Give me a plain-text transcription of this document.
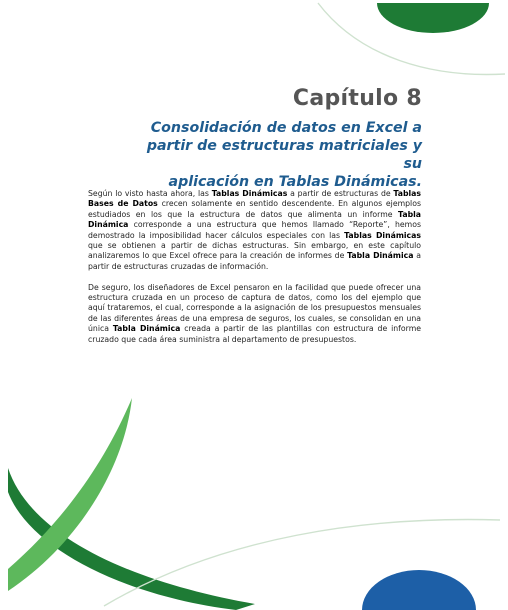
Capítulo 8
Consolidación de datos en Excel a
partir de estructuras matriciales y su
aplicación en Tablas Dinámicas.

Según lo visto hasta ahora, las Tablas Dinámicas a partir de estructuras de Tablas Bases de Datos crecen solamente en sentido descendente. En algunos ejemplos estudiados en los que la estructura de datos que alimenta un informe Tabla Dinámica corresponde a una estructura que hemos llamado “Reporte”, hemos demostrado la imposibilidad hacer cálculos especiales con las Tablas Dinámicas que se obtienen a partir de dichas estructuras. Sin embargo, en este capítulo analizaremos lo que Excel ofrece para la creación de informes de Tabla Dinámica a partir de estructuras cruzadas de información.

De seguro, los diseñadores de Excel pensaron en la facilidad que puede ofrecer una estructura cruzada en un proceso de captura de datos, como los del ejemplo que aquí trataremos, el cual, corresponde a la asignación de los presupuestos mensuales de las diferentes áreas de una empresa de seguros, los cuales, se consolidan en una única Tabla Dinámica creada a partir de las plantillas con estructura de informe cruzado que cada área suministra al departamento de presupuestos.
